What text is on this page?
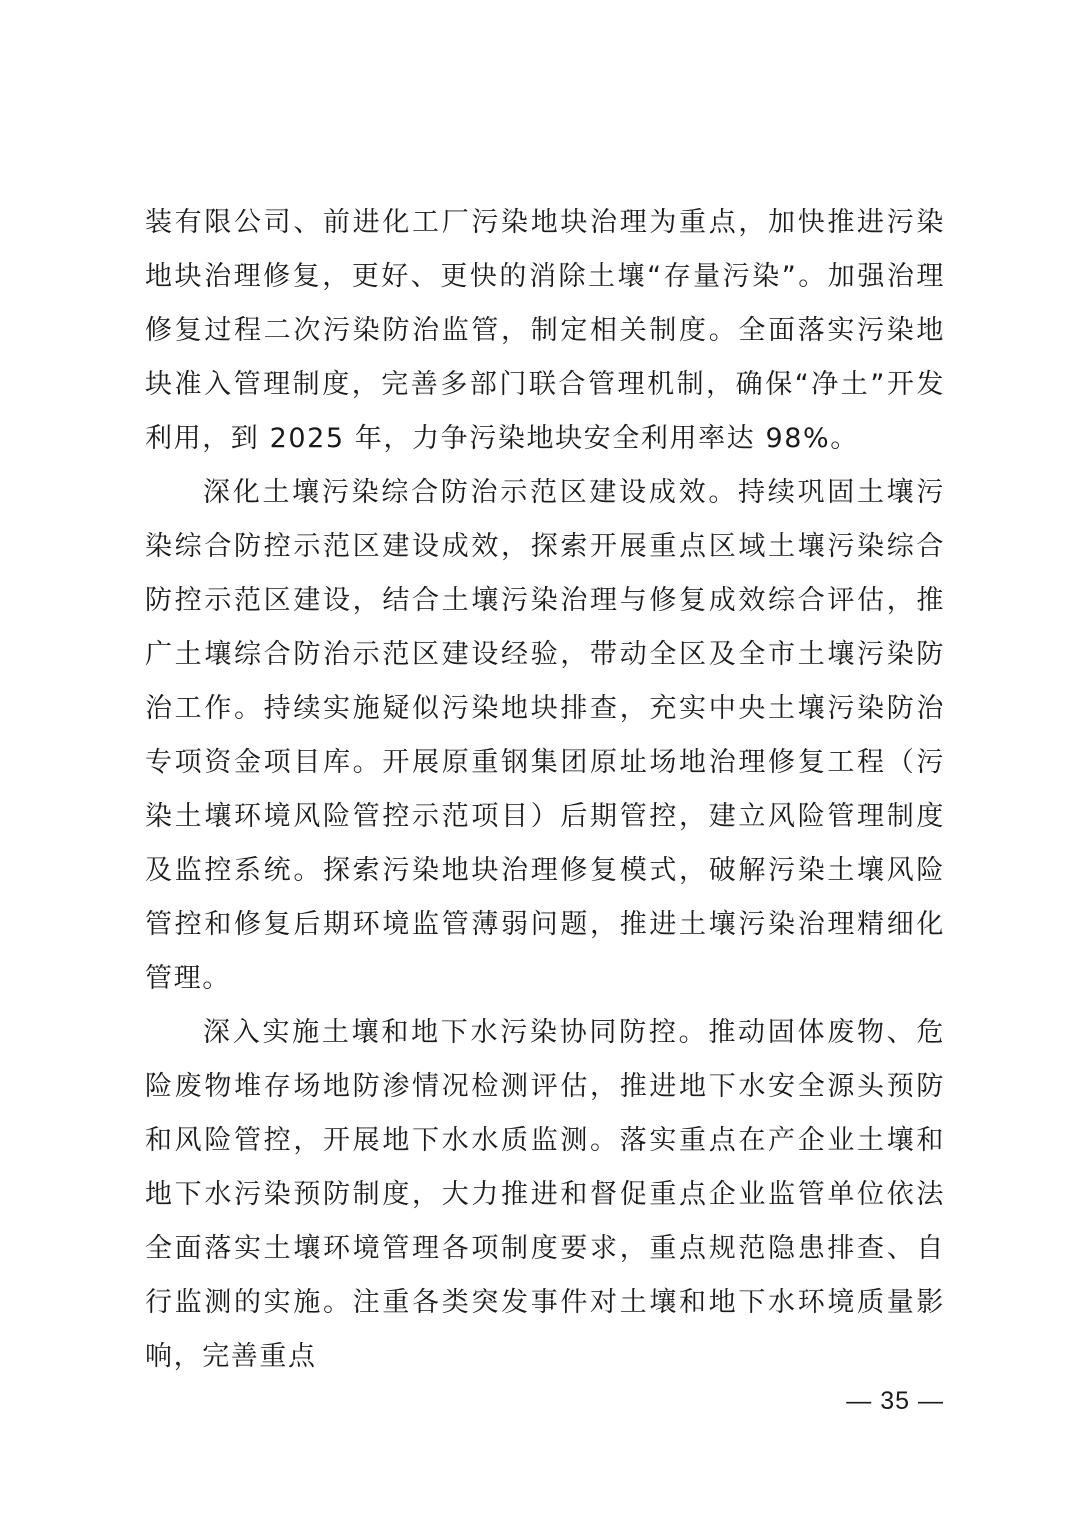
装有限公司、前进化工厂污染地块治理为重点，加快推进污染地块治理修复，更好、更快的消除土壤“存量污染”。加强治理修复过程二次污染防治监管，制定相关制度。全面落实污染地块准入管理制度，完善多部门联合管理机制，确保“净土”开发利用，到 2025 年，力争污染地块安全利用率达 98%。

深化土壤污染综合防治示范区建设成效。持续巩固土壤污染综合防控示范区建设成效，探索开展重点区域土壤污染综合防控示范区建设，结合土壤污染治理与修复成效综合评估，推广土壤综合防治示范区建设经验，带动全区及全市土壤污染防治工作。持续实施疑似污染地块排查，充实中央土壤污染防治专项资金项目库。开展原重钢集团原址场地治理修复工程（污染土壤环境风险管控示范项目）后期管控，建立风险管理制度及监控系统。探索污染地块治理修复模式，破解污染土壤风险管控和修复后期环境监管薄弱问题，推进土壤污染治理精细化管理。

深入实施土壤和地下水污染协同防控。推动固体废物、危险废物堆存场地防渗情况检测评估，推进地下水安全源头预防和风险管控，开展地下水水质监测。落实重点在产企业土壤和地下水污染预防制度，大力推进和督促重点企业监管单位依法全面落实土壤环境管理各项制度要求，重点规范隐患排查、自行监测的实施。注重各类突发事件对土壤和地下水环境质量影响，完善重点

— 35 —
